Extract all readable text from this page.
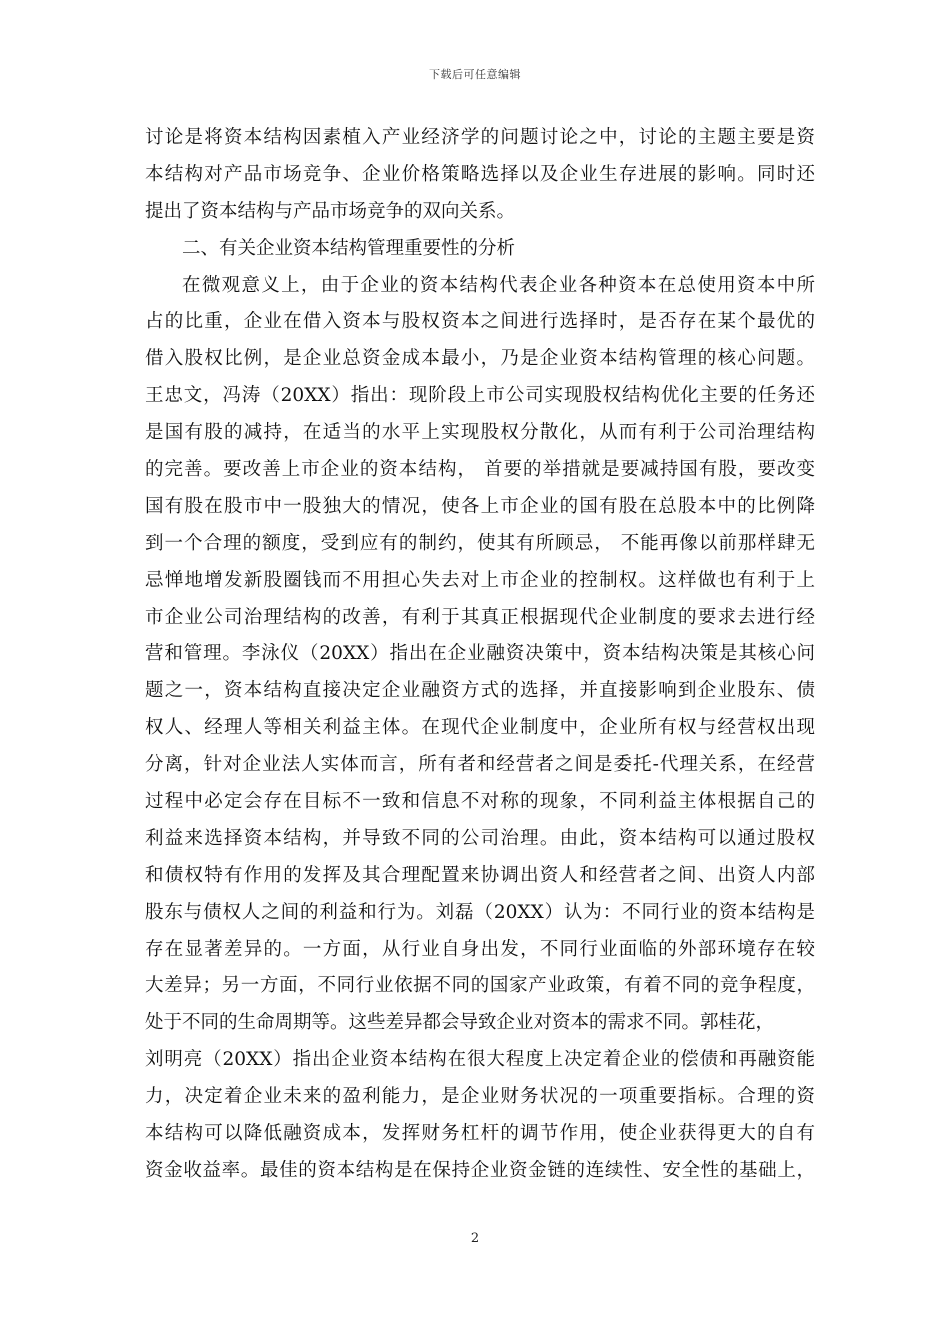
下载后可任意编辑
讨论是将资本结构因素植入产业经济学的问题讨论之中，讨论的主题主要是资
本结构对产品市场竞争、企业价格策略选择以及企业生存进展的影响。同时还
提出了资本结构与产品市场竞争的双向关系。
二、有关企业资本结构管理重要性的分析
在微观意义上，由于企业的资本结构代表企业各种资本在总使用资本中所
占的比重，企业在借入资本与股权资本之间进行选择时，是否存在某个最优的
借入股权比例，是企业总资金成本最小，乃是企业资本结构管理的核心问题。
王忠文，冯涛（20XX）指出：现阶段上市公司实现股权结构优化主要的任务还
是国有股的减持，在适当的水平上实现股权分散化，从而有利于公司治理结构
的完善。要改善上市企业的资本结构， 首要的举措就是要减持国有股，要改变
国有股在股市中一股独大的情况，使各上市企业的国有股在总股本中的比例降
到一个合理的额度，受到应有的制约，使其有所顾忌， 不能再像以前那样肆无
忌惮地增发新股圈钱而不用担心失去对上市企业的控制权。这样做也有利于上
市企业公司治理结构的改善，有利于其真正根据现代企业制度的要求去进行经
营和管理。李泳仪（20XX）指出在企业融资决策中，资本结构决策是其核心问
题之一，资本结构直接决定企业融资方式的选择，并直接影响到企业股东、债
权人、经理人等相关利益主体。在现代企业制度中，企业所有权与经营权出现
分离，针对企业法人实体而言，所有者和经营者之间是委托-代理关系，在经营
过程中必定会存在目标不一致和信息不对称的现象，不同利益主体根据自己的
利益来选择资本结构，并导致不同的公司治理。由此，资本结构可以通过股权
和债权特有作用的发挥及其合理配置来协调出资人和经营者之间、出资人内部
股东与债权人之间的利益和行为。刘磊（20XX）认为：不同行业的资本结构是
存在显著差异的。一方面，从行业自身出发，不同行业面临的外部环境存在较
大差异；另一方面，不同行业依据不同的国家产业政策，有着不同的竞争程度，
处于不同的生命周期等。这些差异都会导致企业对资本的需求不同。郭桂花，
刘明亮（20XX）指出企业资本结构在很大程度上决定着企业的偿债和再融资能
力，决定着企业未来的盈利能力，是企业财务状况的一项重要指标。合理的资
本结构可以降低融资成本，发挥财务杠杆的调节作用，使企业获得更大的自有
资金收益率。最佳的资本结构是在保持企业资金链的连续性、安全性的基础上，
2
